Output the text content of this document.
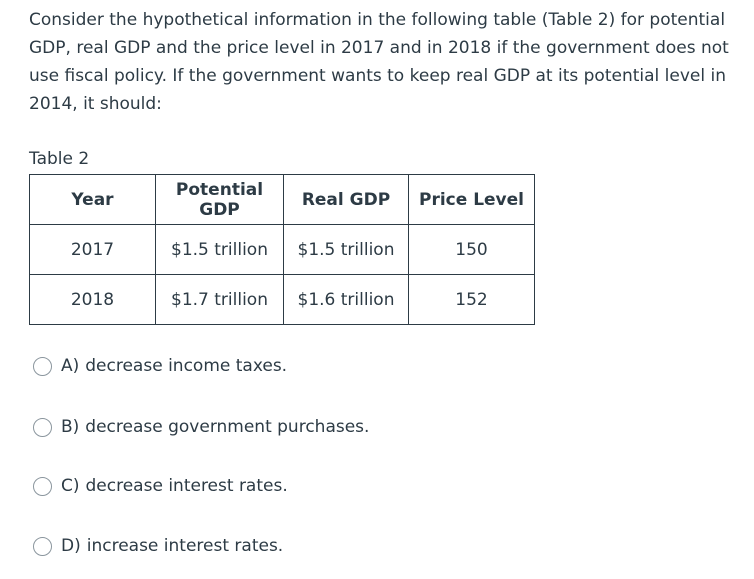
Consider the hypothetical information in the following table (Table 2) for potential GDP, real GDP and the price level in 2017 and in 2018 if the government does not use fiscal policy. If the government wants to keep real GDP at its potential level in 2014, it should:

Table 2
Year	Potential GDP	Real GDP	Price Level
2017	$1.5 trillion	$1.5 trillion	150
2018	$1.7 trillion	$1.6 trillion	152
A) decrease income taxes.
B) decrease government purchases.
C) decrease interest rates.
D) increase interest rates.
